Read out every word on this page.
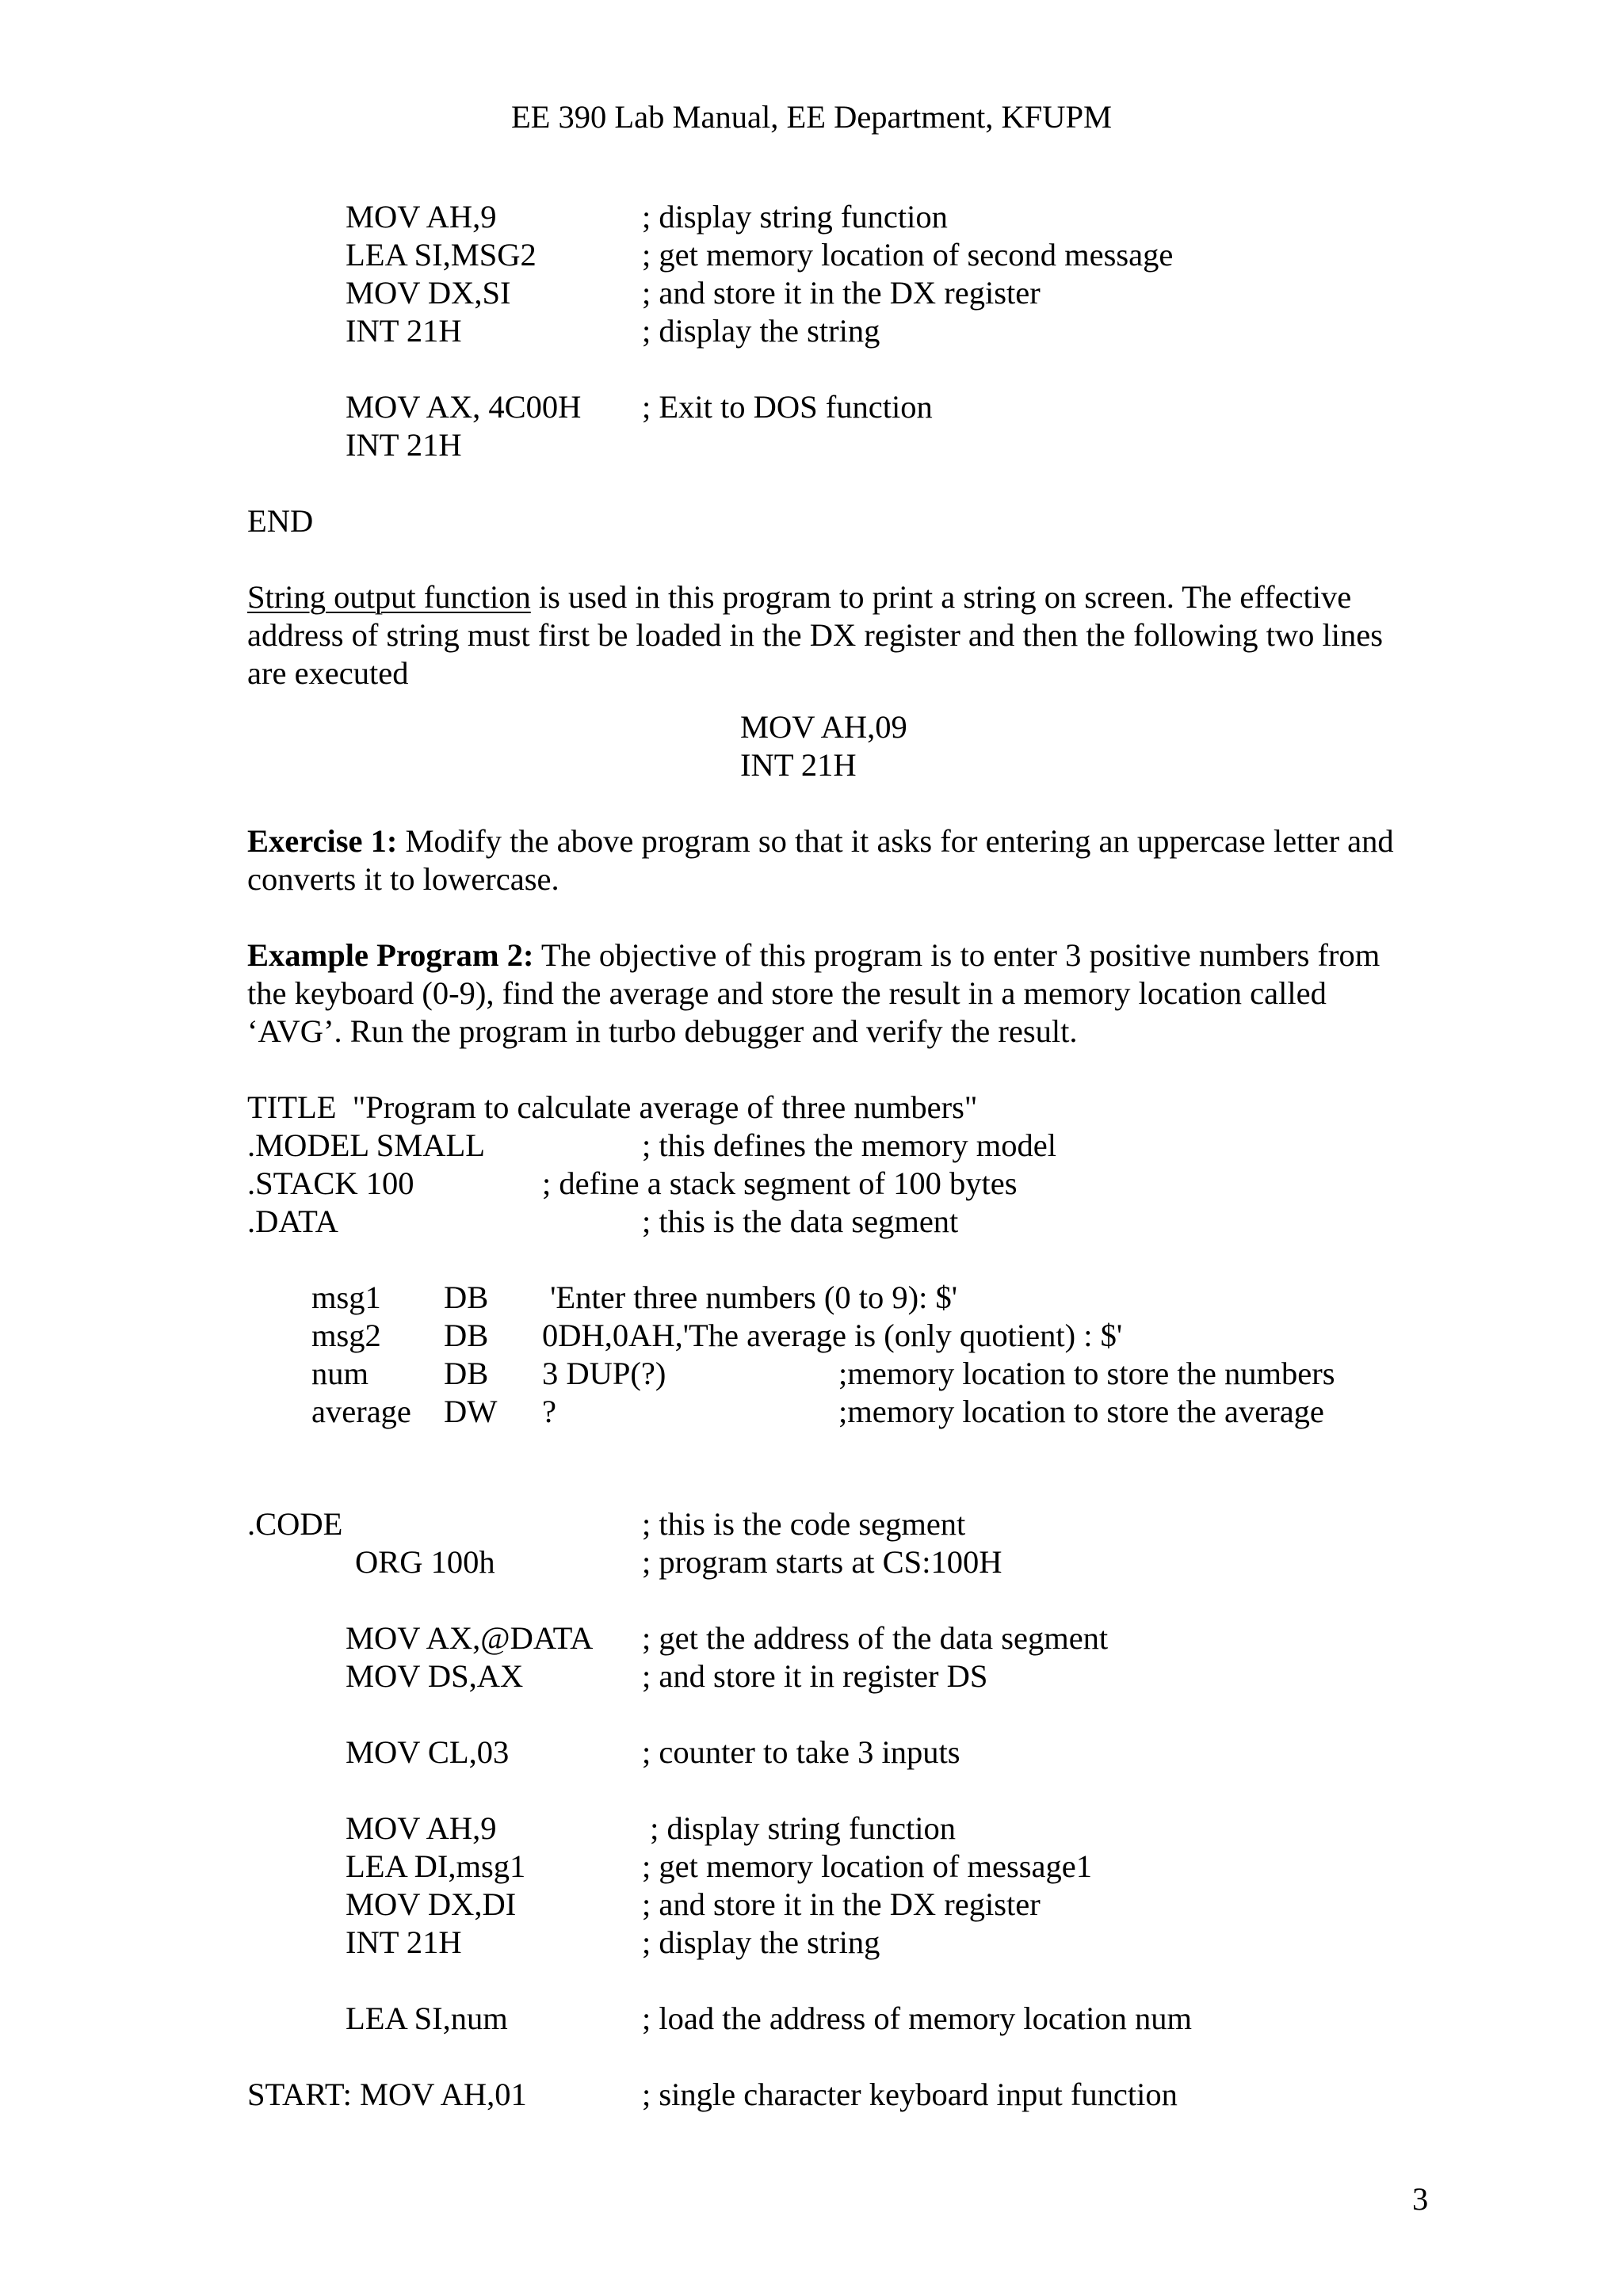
EE 390 Lab Manual, EE Department, KFUPM
MOV AH,9	; display string function
LEA SI,MSG2	; get memory location of second message
MOV DX,SI	; and store it in the DX register
INT 21H	; display the string
MOV AX, 4C00H ; Exit to DOS function
INT 21H
END
String output function is used in this program to print a string on screen. The effective
address of string must first be loaded in the DX register and then the following two lines
are executed
MOV AH,09
INT 21H
Exercise 1: Modify the above program so that it asks for entering an uppercase letter and
converts it to lowercase.
Example Program 2: The objective of this program is to enter 3 positive numbers from
the keyboard (0-9), find the average and store the result in a memory location called
‘AVG’. Run the program in turbo debugger and verify the result.
TITLE  "Program to calculate average of three numbers"
.MODEL SMALL	; this defines the memory model
.STACK 100	; define a stack segment of 100 bytes
.DATA	; this is the data segment
msg1 DB 'Enter three numbers (0 to 9): $'
msg2 DB 0DH,0AH,'The average is (only quotient) : $'
num DB 3 DUP(?)	;memory location to store the numbers
average DW ?	;memory location to store the average
.CODE	; this is the code segment
ORG 100h	; program starts at CS:100H
MOV AX,@DATA ; get the address of the data segment
MOV DS,AX	; and store it in register DS
MOV CL,03	; counter to take 3 inputs
MOV AH,9	; display string function
LEA DI,msg1	; get memory location of message1
MOV DX,DI	; and store it in the DX register
INT 21H	; display the string
LEA SI,num	; load the address of memory location num
START: MOV AH,01	; single character keyboard input function
3
